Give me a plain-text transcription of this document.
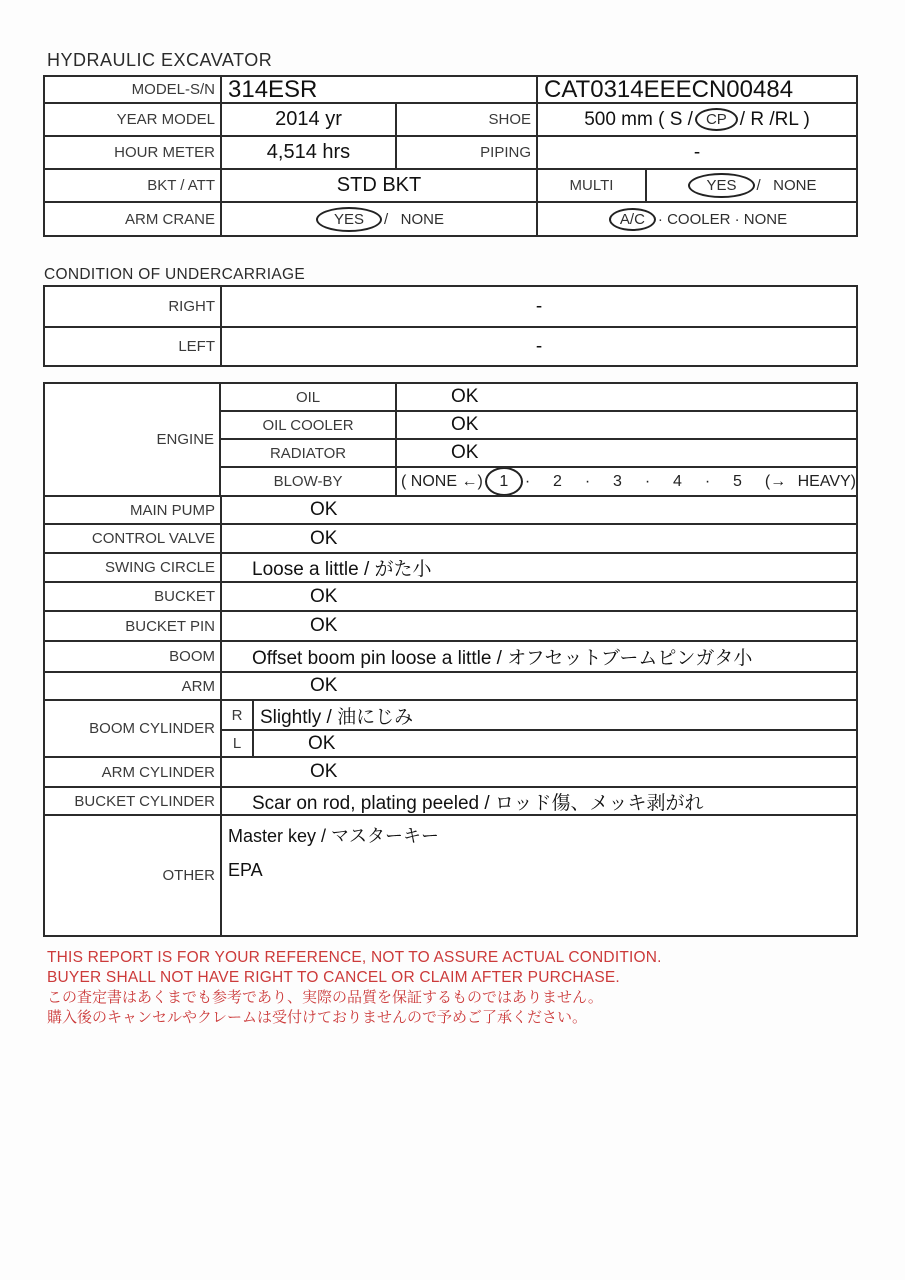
HYDRAULIC EXCAVATOR
MODEL-S/N 314ESR	CAT0314EEECN00484
YEAR MODEL	2014 yr	SHOE	500 mm ( S / CP / R /RL )
HOUR METER	4,514 hrs	PIPING	-
BKT / ATT	STD BKT	MULTI	YES	/   NONE
ARM CRANE	YES	/   NONE	A/C · COOLER · NONE
CONDITION OF UNDERCARRIAGE
RIGHT	-
LEFT	-
ENGINE
OIL	OK
OIL COOLER	OK
RADIATOR	OK
BLOW-BY	( NONE ←)	1	·  2  ·  3  ·  4  ·  5  (→ HEAVY)
MAIN PUMP	OK
CONTROL VALVE	OK
SWING CIRCLE	Loose a little / がた小
BUCKET	OK
BUCKET PIN	OK
BOOM	Offset boom pin loose a little / オフセットブームピンガタ小
ARM	OK
BOOM CYLINDER
R Slightly / 油にじみ
L	OK
ARM CYLINDER	OK
BUCKET CYLINDER	Scar on rod, plating peeled / ロッド傷、メッキ剥がれ
OTHER
Master key / マスターキー
EPA
THIS REPORT IS FOR YOUR REFERENCE, NOT TO ASSURE ACTUAL CONDITION.
BUYER SHALL NOT HAVE RIGHT TO CANCEL OR CLAIM AFTER PURCHASE.
この査定書はあくまでも参考であり、実際の品質を保証するものではありません。
購入後のキャンセルやクレームは受付けておりませんので予めご了承ください。
